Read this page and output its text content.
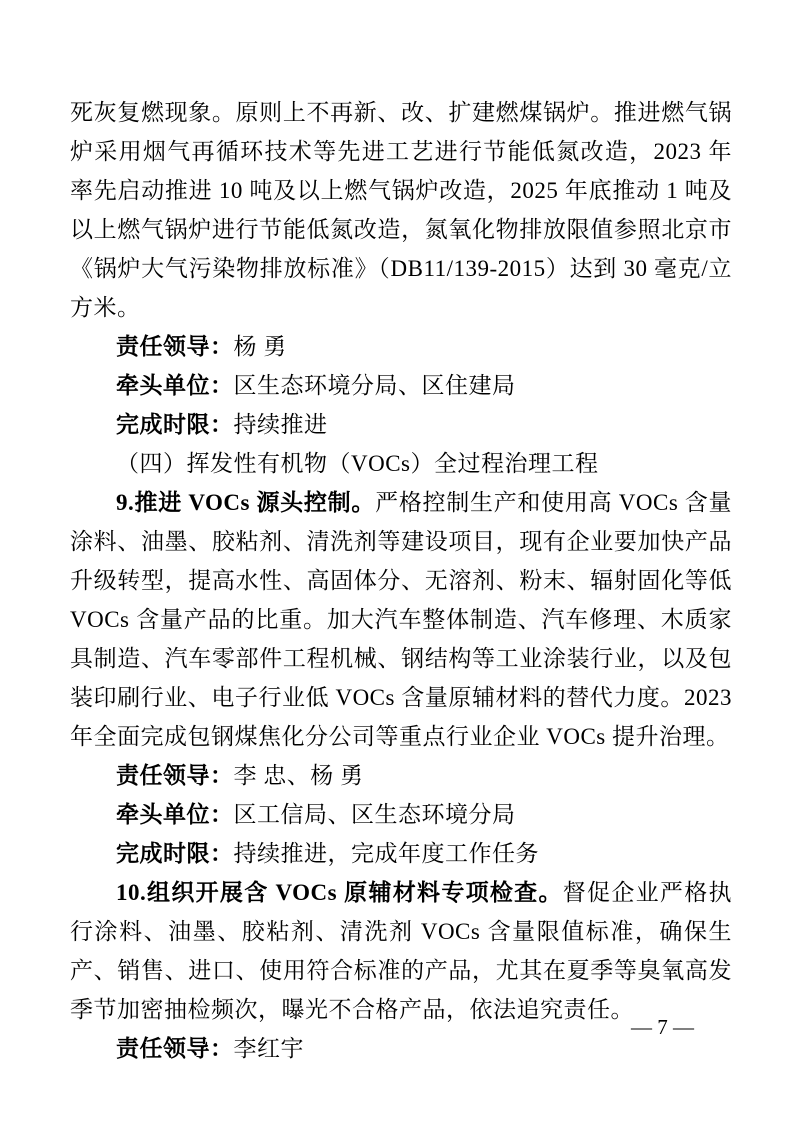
死灰复燃现象。原则上不再新、改、扩建燃煤锅炉。推进燃气锅炉采用烟气再循环技术等先进工艺进行节能低氮改造，2023 年率先启动推进 10 吨及以上燃气锅炉改造，2025 年底推动 1 吨及以上燃气锅炉进行节能低氮改造，氮氧化物排放限值参照北京市《锅炉大气污染物排放标准》（DB11/139-2015）达到 30 毫克/立方米。

责任领导：杨 勇

牵头单位：区生态环境分局、区住建局

完成时限：持续推进

（四）挥发性有机物（VOCs）全过程治理工程

9.推进 VOCs 源头控制。严格控制生产和使用高 VOCs 含量涂料、油墨、胶粘剂、清洗剂等建设项目，现有企业要加快产品升级转型，提高水性、高固体分、无溶剂、粉末、辐射固化等低 VOCs 含量产品的比重。加大汽车整体制造、汽车修理、木质家具制造、汽车零部件工程机械、钢结构等工业涂装行业，以及包装印刷行业、电子行业低 VOCs 含量原辅材料的替代力度。2023 年全面完成包钢煤焦化分公司等重点行业企业 VOCs 提升治理。

责任领导：李 忠、杨 勇

牵头单位：区工信局、区生态环境分局

完成时限：持续推进，完成年度工作任务

10.组织开展含 VOCs 原辅材料专项检查。督促企业严格执行涂料、油墨、胶粘剂、清洗剂 VOCs 含量限值标准，确保生产、销售、进口、使用符合标准的产品，尤其在夏季等臭氧高发季节加密抽检频次，曝光不合格产品，依法追究责任。

责任领导：李红宇

— 7 —
